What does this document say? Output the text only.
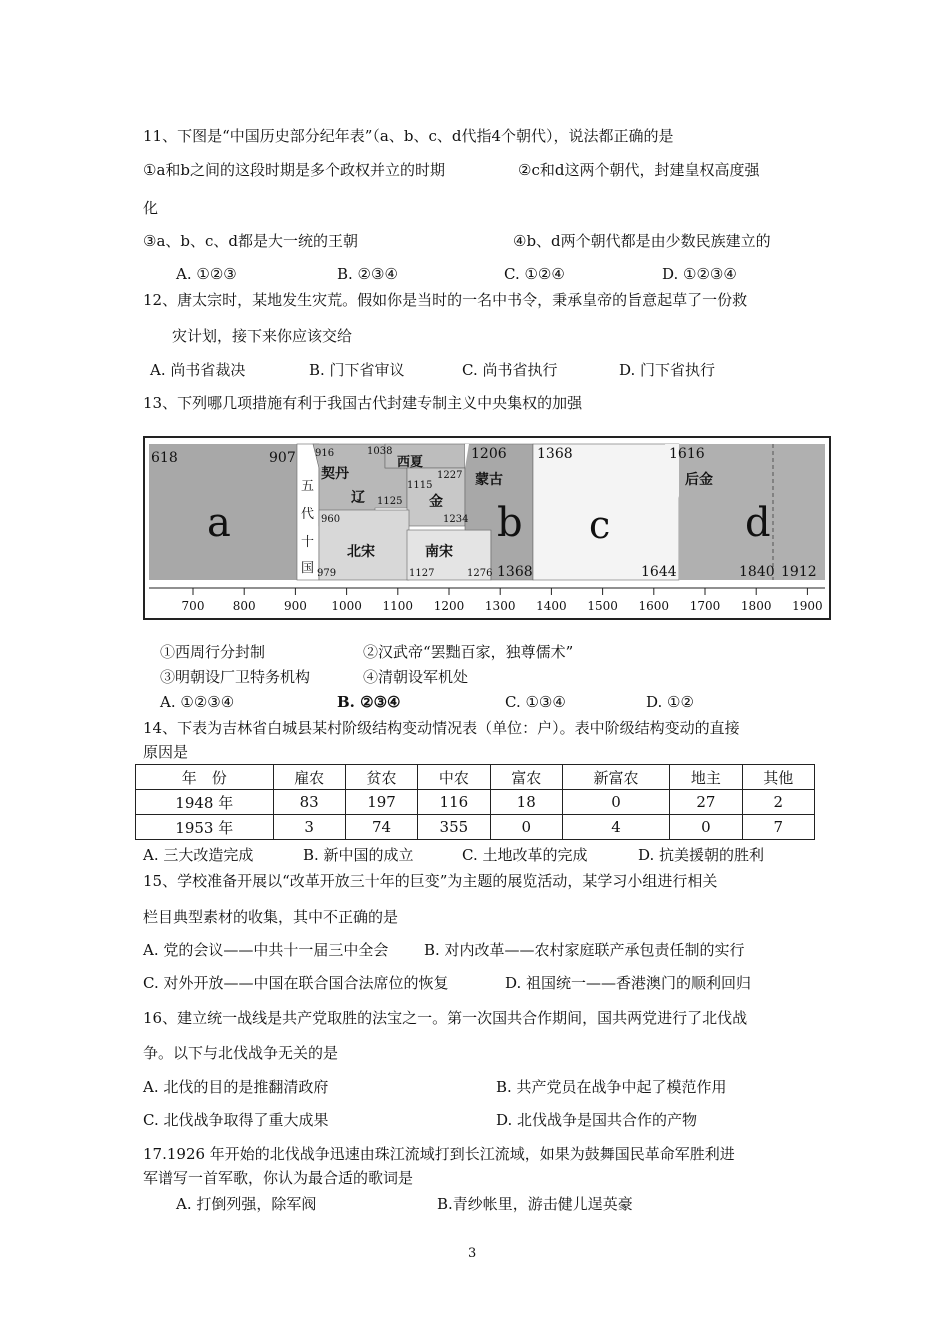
11、下图是“中国历史部分纪年表”（a、b、c、d代指4个朝代），说法都正确的是
①a和b之间的这段时期是多个政权并立的时期	②c和d这两个朝代，封建皇权高度强
化
③a、b、c、d都是大一统的王朝	④b、d两个朝代都是由少数民族建立的
A. ①②③	B. ②③④	C. ①②④	D. ①②③④
12、唐太宗时，某地发生灾荒。假如你是当时的一名中书令，秉承皇帝的旨意起草了一份救
灾计划，接下来你应该交给
A. 尚书省裁决	B. 门下省审议	C. 尚书省执行	D. 门下省执行
13、下列哪几项措施有利于我国古代封建专制主义中央集权的加强
618	907
a
916
契丹
1038
西夏
1227
1115
辽 1125 金
1234
五
代
十
国
960
979
北宋	南宋
1127	1276
1206
蒙古
b
1368
1368
c
1644
1616
后金
d
1840 1912
700 800 900 1000 1100 1200 1300 1400 1500 1600 1700 1800 1900
①西周行分封制	②汉武帝“罢黜百家，独尊儒术”
③明朝设厂卫特务机构	④清朝设军机处
A. ①②③④	B. ②③④	C. ①③④	D. ①②
14、下表为吉林省白城县某村阶级结构变动情况表（单位：户）。表中阶级结构变动的直接
原因是
年　份	雇农	贫农	中农	富农	新富农	地主	其他
1948 年	83	197	116	18	0	27	2
1953 年	3	74	355	0	4	0	7
A. 三大改造完成	B. 新中国的成立	C. 土地改革的完成	D. 抗美援朝的胜利
15、学校准备开展以“改革开放三十年的巨变”为主题的展览活动，某学习小组进行相关
栏目典型素材的收集，其中不正确的是
A. 党的会议——中共十一届三中全会 B. 对内改革——农村家庭联产承包责任制的实行
C. 对外开放——中国在联合国合法席位的恢复	D. 祖国统一——香港澳门的顺利回归
16、建立统一战线是共产党取胜的法宝之一。第一次国共合作期间，国共两党进行了北伐战
争。以下与北伐战争无关的是
A. 北伐的目的是推翻清政府	B. 共产党员在战争中起了模范作用
C. 北伐战争取得了重大成果	D. 北伐战争是国共合作的产物
17.1926 年开始的北伐战争迅速由珠江流域打到长江流域，如果为鼓舞国民革命军胜利进
军谱写一首军歌，你认为最合适的歌词是
A. 打倒列强，除军阀	B.青纱帐里，游击健儿逞英豪
3
